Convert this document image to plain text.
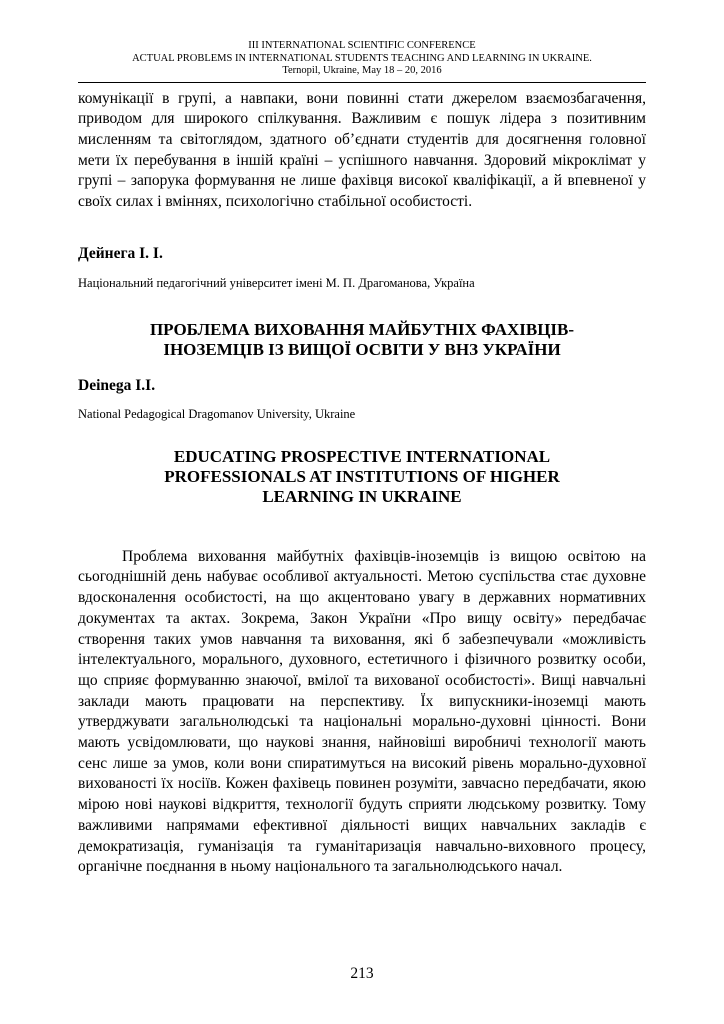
III INTERNATIONAL SCIENTIFIC CONFERENCE
ACTUAL PROBLEMS IN INTERNATIONAL STUDENTS TEACHING AND LEARNING IN UKRAINE.
Ternopil, Ukraine, May 18 – 20, 2016

комунікації в групі, а навпаки, вони повинні стати джерелом взаємозбагачення, приводом для широкого спілкування. Важливим є пошук лідера з позитивним мисленням та світоглядом, здатного об’єднати студентів для досягнення головної мети їх перебування в іншій країні – успішного навчання. Здоровий мікроклімат у групі – запорука формування не лише фахівця високої кваліфікації, а й впевненої у своїх силах і вміннях, психологічно стабільної особистості.

Дейнега І. І.

Національний педагогічний університет імені М. П. Драгоманова, Україна

ПРОБЛЕМА ВИХОВАННЯ МАЙБУТНІХ ФАХІВЦІВ-

ІНОЗЕМЦІВ ІЗ ВИЩОЇ ОСВІТИ У ВНЗ УКРАЇНИ

Deinega I.I.

National Pedagogical Dragomanov University, Ukraine

EDUCATING PROSPECTIVE INTERNATIONAL

PROFESSIONALS AT INSTITUTIONS OF HIGHER

LEARNING IN UKRAINE

Проблема виховання майбутніх фахівців-іноземців із вищою освітою на сьогоднішній день набуває особливої актуальності. Метою суспільства стає духовне вдосконалення особистості, на що акцентовано увагу в державних нормативних документах та актах. Зокрема, Закон України «Про вищу освіту» передбачає створення таких умов навчання та виховання, які б забезпечували «можливість інтелектуального, морального, духовного, естетичного і фізичного розвитку особи, що сприяє формуванню знаючої, вмілої та вихованої особистості». Вищі навчальні заклади мають працювати на перспективу. Їх випускники-іноземці мають утверджувати загальнолюдські та національні морально-духовні цінності. Вони мають усвідомлювати, що наукові знання, найновіші виробничі технології мають сенс лише за умов, коли вони спиратимуться на високий рівень морально-духовної вихованості їх носіїв. Кожен фахівець повинен розуміти, завчасно передбачати, якою мірою нові наукові відкриття, технології будуть сприяти людському розвитку. Тому важливими напрямами ефективної діяльності вищих навчальних закладів є демократизація, гуманізація та гуманітаризація навчально-виховного процесу, органічне поєднання в ньому національного та загальнолюдського начал.

213
